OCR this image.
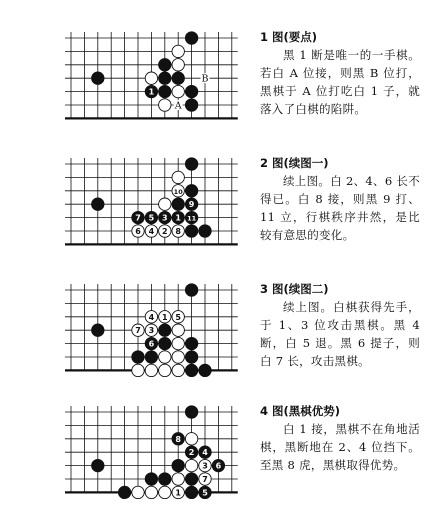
1
B
A

1 图(要点)

黑 1 断是唯一的一手棋。若白 A 位接，则黑 B 位打，黑棋于 A 位打吃白 1 子，就落入了白棋的陷阱。

10
9
7 5 3 1 11
6 4 2 8

2 图(续图一)

续上图。白 2、4、6 长不得已。白 8 接，则黑 9 打、11 立，行棋秩序井然，是比较有意思的变化。

4 1 5
7 3
6

3 图(续图二)

续上图。白棋获得先手，于 1、3 位攻击黑棋。黑 4 断，白 5 退。黑 6 提子，则白 7 长，攻击黑棋。

8
2 4
3 6
7
1	5

4 图(黑棋优势)

白 1 接，黑棋不在角地活棋，黑断地在 2、4 位挡下。至黑 8 虎，黑棋取得优势。
